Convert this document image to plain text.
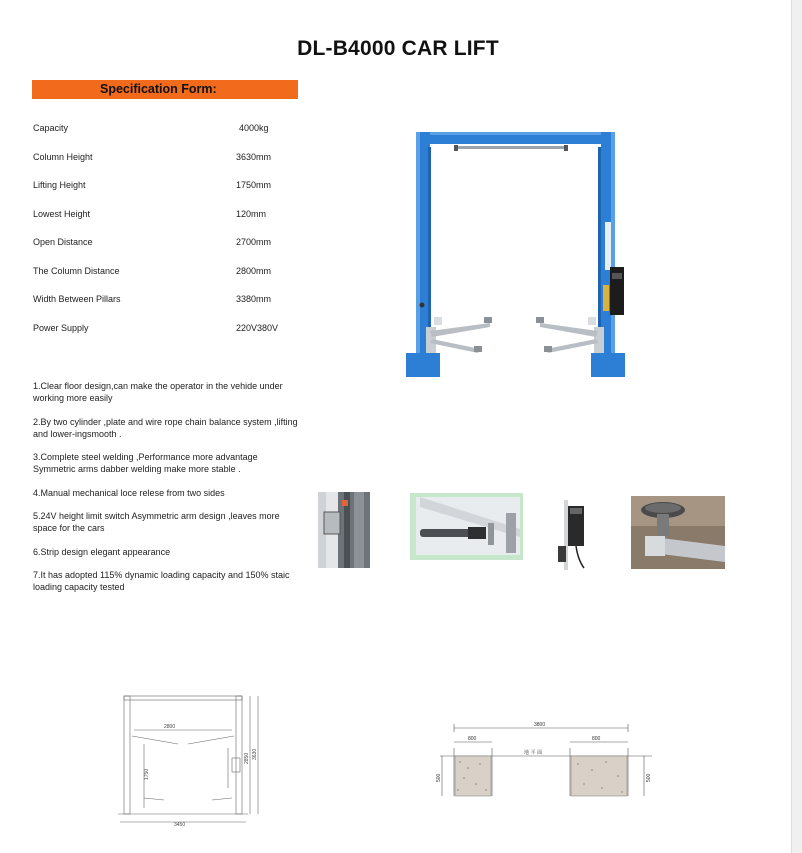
DL-B4000 CAR LIFT
Specification Form:
Capacity	4000kg
Column Height	3630mm
Lifting Height	1750mm
Lowest Height	120mm
Open Distance	2700mm
The Column Distance	2800mm
Width Between Pillars	3380mm
Power Supply	220V380V

1.Clear floor design,can make the operator in the vehide under working more easily

2.By two cylinder ,plate and wire rope chain balance system ,lifting and lower-ingsmooth .

3.Complete steel welding ,Performance more advantage Symmetric arms dabber welding make more stable .

4.Manual mechanical loce relese from two sides

5.24V height limit switch Asymmetric arm design ,leaves more space for the cars

6.Strip design elegant appearance

7.It has adopted 115% dynamic loading capacity and 150% staic loading capacity tested

3450
2800
1750
2850 3630
3800
800	800
地 平 面
500	500
